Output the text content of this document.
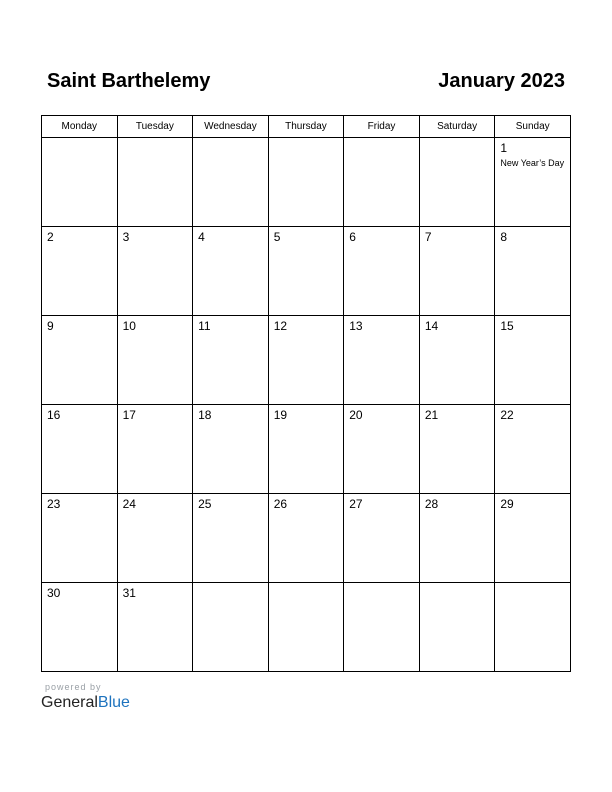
Saint Barthelemy	January 2023
Monday	Tuesday	Wednesday	Thursday	Friday	Saturday	Sunday

						1
New Year’s Day

2	3	4	5	6	7	8

9	10	11	12	13	14	15

16	17	18	19	20	21	22

23	24	25	26	27	28	29

30	31					

powered by
GeneralBlue
